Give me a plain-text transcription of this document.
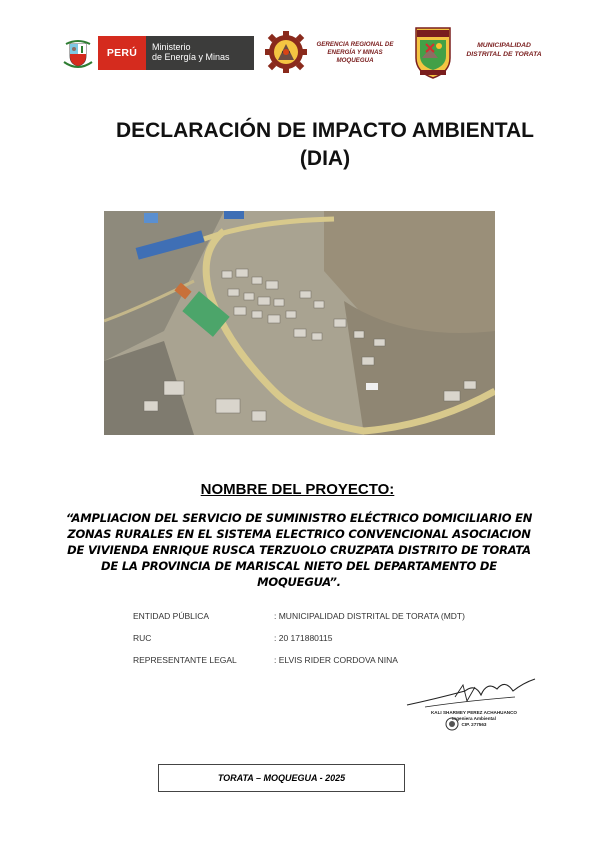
PERÚ	Ministerio
de Energía y Minas
GERENCIA REGIONAL DE
ENERGÍA Y MINAS
MOQUEGUA
MUNICIPALIDAD
DISTRITAL DE TORATA
DECLARACIÓN DE IMPACTO AMBIENTAL
(DIA)
NOMBRE DEL PROYECTO:
“AMPLIACION DEL SERVICIO DE SUMINISTRO ELÉCTRICO DOMICILIARIO EN ZONAS RURALES EN EL SISTEMA ELECTRICO CONVENCIONAL ASOCIACION DE VIVIENDA ENRIQUE RUSCA TERZUOLO CRUZPATA DISTRITO DE TORATA DE LA PROVINCIA DE MARISCAL NIETO DEL DEPARTAMENTO DE MOQUEGUA”.
ENTIDAD PÚBLICA	: MUNICIPALIDAD DISTRITAL DE TORATA (MDT)
RUC	: 20 171880115
REPRESENTANTE LEGAL	: ELVIS RIDER CORDOVA NINA
KALI SHARMEY PEREZ ACHAHUANCO
Ingeniera Ambiental
CIP. 277563
TORATA – MOQUEGUA - 2025
